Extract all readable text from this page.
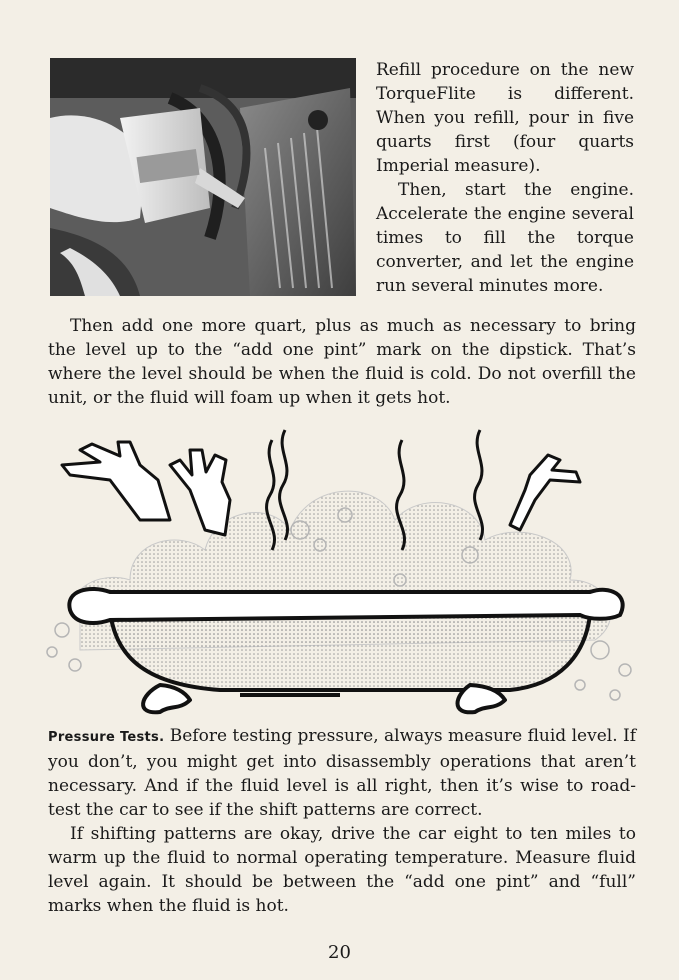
Refill procedure on the new TorqueFlite is different. When you refill, pour in five quarts first (four quarts Imperial measure).

Then, start the engine. Accelerate the engine several times to fill the torque converter, and let the engine run several minutes more.

Then add one more quart, plus as much as necessary to bring the level up to the “add one pint” mark on the dipstick. That’s where the level should be when the fluid is cold. Do not overfill the unit, or the fluid will foam up when it gets hot.

Pressure Tests. Before testing pressure, always measure fluid level. If you don’t, you might get into disassembly operations that aren’t necessary. And if the fluid level is all right, then it’s wise to road-test the car to see if the shift patterns are correct.

If shifting patterns are okay, drive the car eight to ten miles to warm up the fluid to normal operating temperature. Measure fluid level again. It should be between the “add one pint” and “full” marks when the fluid is hot.

20
